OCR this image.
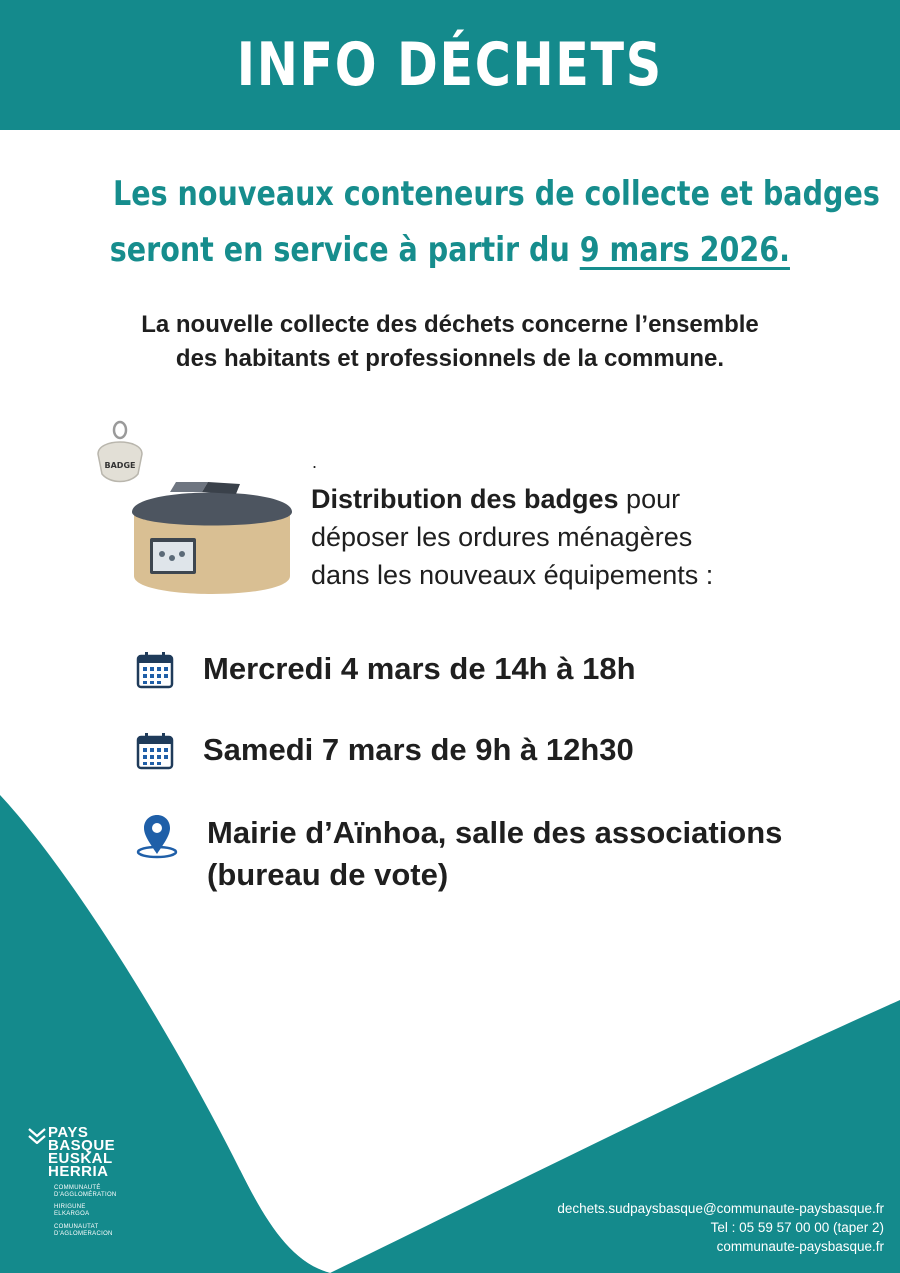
INFO DÉCHETS
Les nouveaux conteneurs de collecte et badges
seront en service à partir du 9 mars 2026.
La nouvelle collecte des déchets concerne l’ensemble
des habitants et professionnels de la commune.
BADGE	.
Distribution des badges pour
déposer les ordures ménagères
dans les nouveaux équipements :
Mercredi 4 mars de 14h à 18h
Samedi 7 mars de 9h à 12h30
Mairie d’Aïnhoa, salle des associations
(bureau de vote)
PAYS
BASQUE
EUSKAL
HERRIA
COMMUNAUTÉ
D'AGGLOMÉRATION
HIRIGUNE
ELKARGOA
COMUNAUTAT
D'AGLOMERACION
dechets.sudpaysbasque@communaute-paysbasque.fr
Tel : 05 59 57 00 00 (taper 2)
communaute-paysbasque.fr
